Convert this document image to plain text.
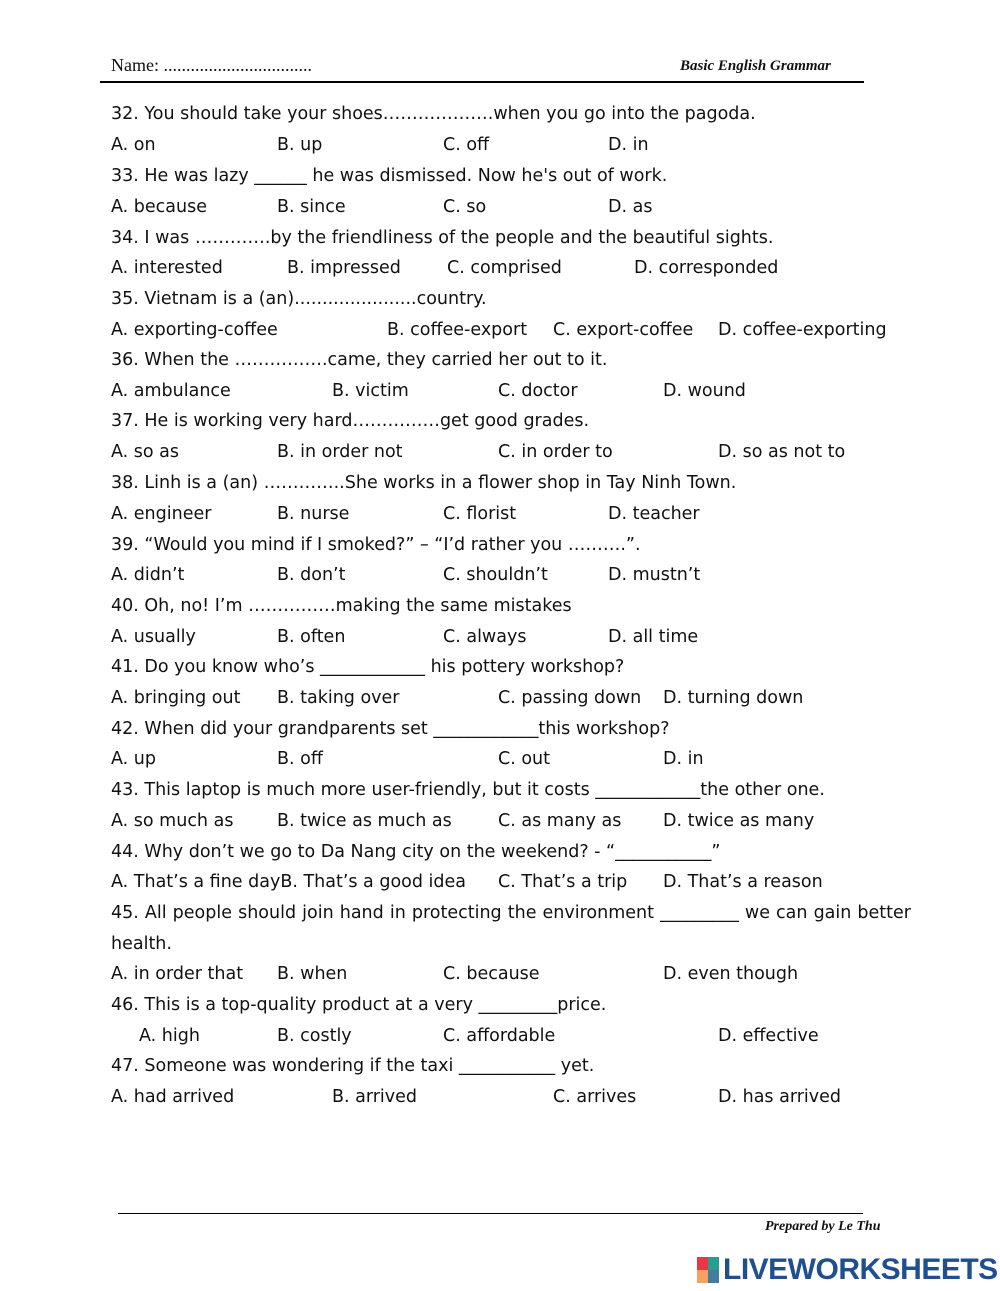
Name: .................................	Basic English Grammar
32. You should take your shoes……………….when you go into the pagoda.
A. on	B. up	C. off	D. in
33. He was lazy ______ he was dismissed. Now he's out of work.
A. because	B. since	C. so	D. as
34. I was ………….by the friendliness of the people and the beautiful sights.
A. interested	B. impressed	C. comprised	D. corresponded
35. Vietnam is a (an)......................country.
A. exporting-coffee	B. coffee-export C. export-coffee D. coffee-exporting
36. When the …………….came, they carried her out to it.
A. ambulance	B. victim	C. doctor	D. wound
37. He is working very hard……………get good grades.
A. so as	B. in order not	C. in order to	D. so as not to
38. Linh is a (an) …………..She works in a flower shop in Tay Ninh Town.
A. engineer	B. nurse	C. florist	D. teacher
39. “Would you mind if I smoked?” – “I’d rather you ……….”.
A. didn’t	B. don’t	C. shouldn’t	D. mustn’t
40. Oh, no! I’m ……………making the same mistakes
A. usually	B. often	C. always	D. all time
41. Do you know who’s ____________ his pottery workshop?
A. bringing out B. taking over	C. passing down D. turning down
42. When did your grandparents set ____________this workshop?
A. up	B. off	C. out	D. in
43. This laptop is much more user-friendly, but it costs ____________the other one.
A. so much as B. twice as much as	C. as many as D. twice as many
44. Why don’t we go to Da Nang city on the weekend? - “___________”
A. That’s a fine dayB. That’s a good idea C. That’s a trip D. That’s a reason
45. All people should join hand in protecting the environment _________ we can gain better health.
A. in order that B. when	C. because	D. even though
46. This is a top-quality product at a very _________price.
A. high	B. costly	C. affordable	D. effective
47. Someone was wondering if the taxi ___________ yet.
A. had arrived	B. arrived	C. arrives	D. has arrived
Prepared by Le Thu
LIVEWORKSHEETS
